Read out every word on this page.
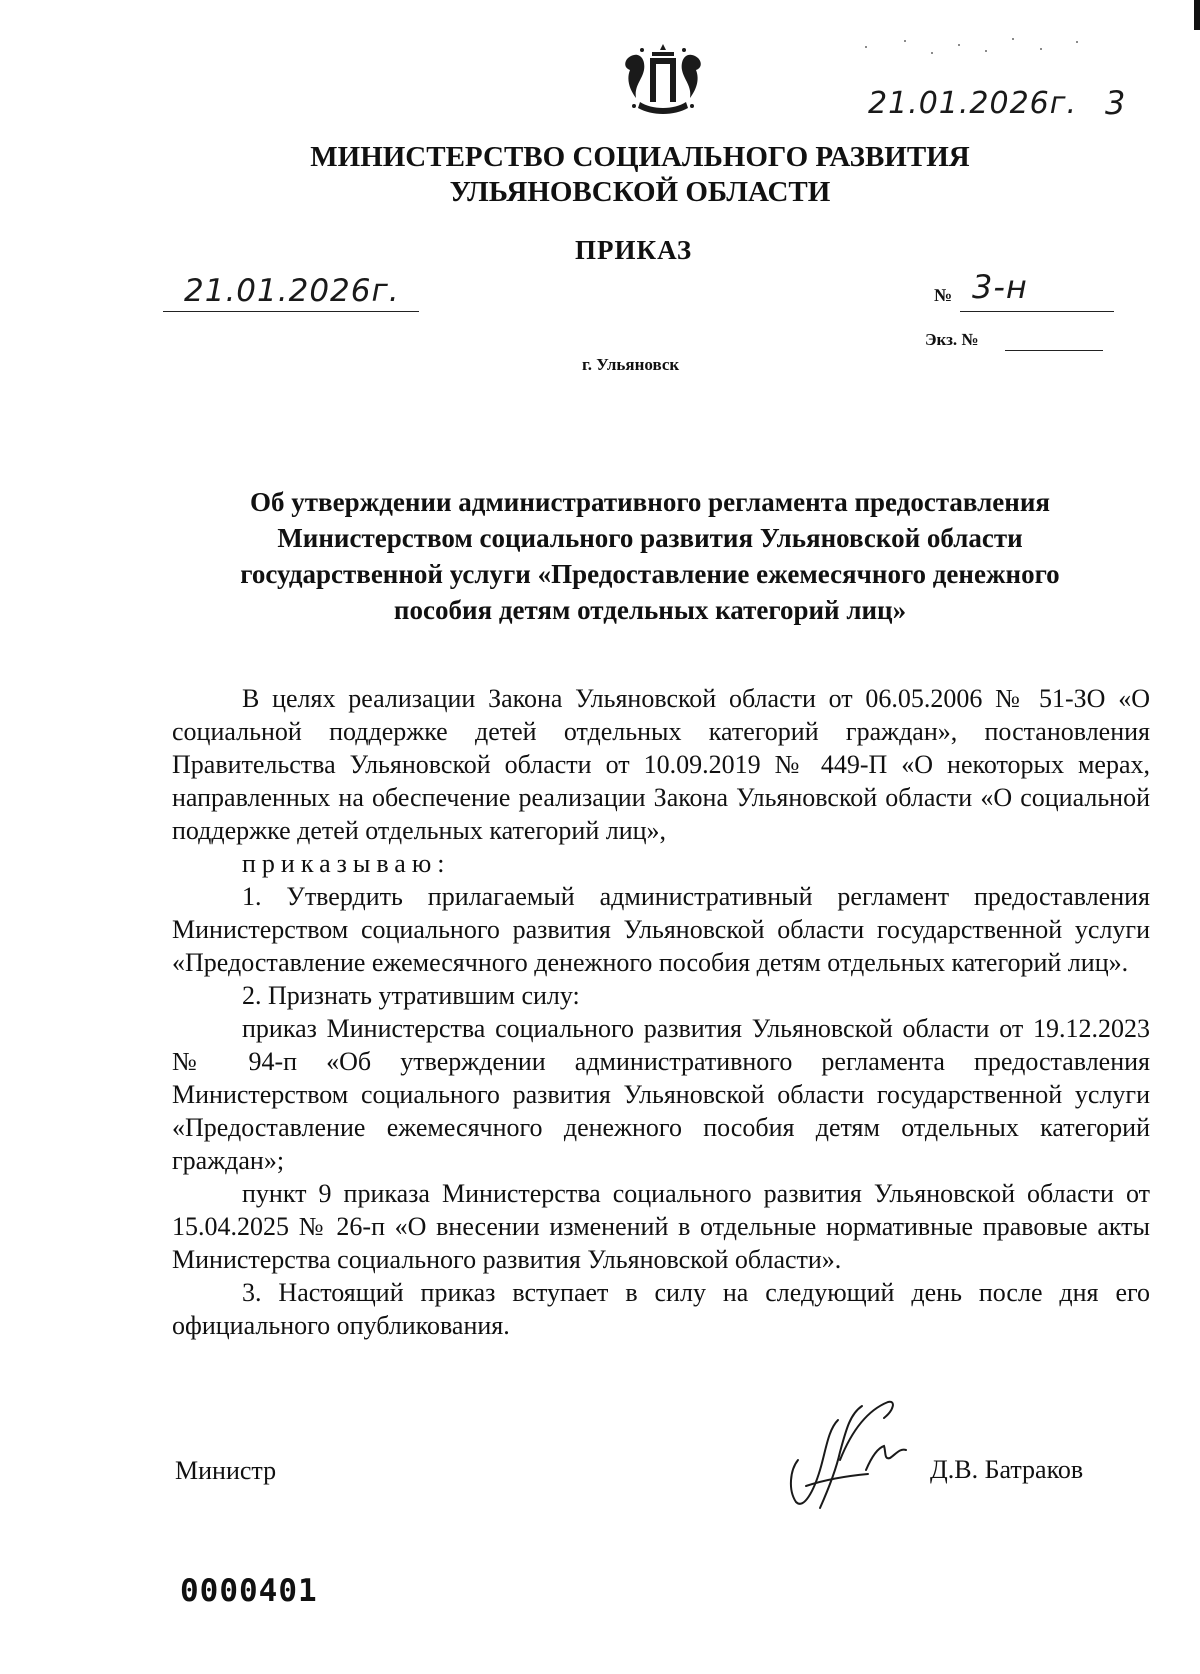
21.01.2026г. 3
МИНИСТЕРСТВО СОЦИАЛЬНОГО РАЗВИТИЯ
УЛЬЯНОВСКОЙ ОБЛАСТИ
ПРИКАЗ
21.01.2026г.	№ 3-н
Экз. №
г. Ульяновск
Об утверждении административного регламента предоставления
Министерством социального развития Ульяновской области
государственной услуги «Предоставление ежемесячного денежного
пособия детям отдельных категорий лиц»

В целях реализации Закона Ульяновской области от 06.05.2006 № 51-ЗО «О социальной поддержке детей отдельных категорий граждан», постановления Правительства Ульяновской области от 10.09.2019 № 449-П «О некоторых мерах, направленных на обеспечение реализации Закона Ульяновской области «О социальной поддержке детей отдельных категорий лиц»,

приказываю:

1. Утвердить прилагаемый административный регламент предоставления Министерством социального развития Ульяновской области государственной услуги «Предоставление ежемесячного денежного пособия детям отдельных категорий лиц».

2. Признать утратившим силу:

приказ Министерства социального развития Ульяновской области от 19.12.2023 № 94-п «Об утверждении административного регламента предоставления Министерством социального развития Ульяновской области государственной услуги «Предоставление ежемесячного денежного пособия детям отдельных категорий граждан»;

пункт 9 приказа Министерства социального развития Ульяновской области от 15.04.2025 № 26-п «О внесении изменений в отдельные нормативные правовые акты Министерства социального развития Ульяновской области».

3. Настоящий приказ вступает в силу на следующий день после дня его официального опубликования.

Министр	Д.В. Батраков
0000401
